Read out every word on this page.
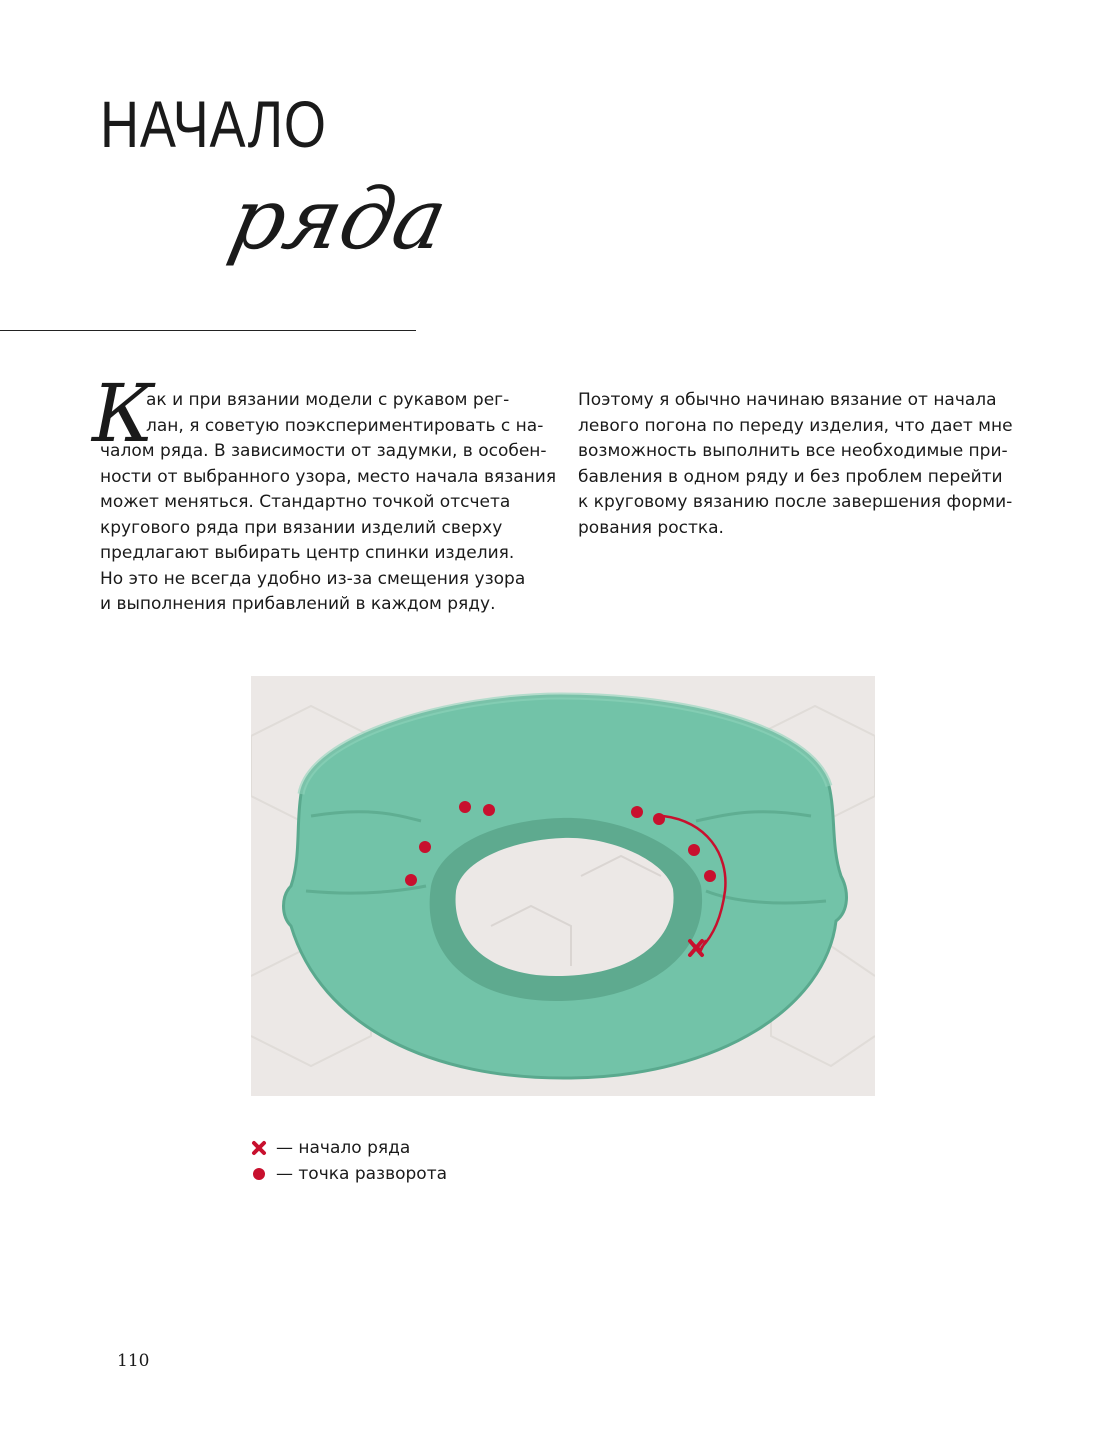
НАЧАЛО
ряда
К
ак и при вязании модели с рукавом рег-
лан, я советую поэкспериментировать с на-
чалом ряда. В зависимости от задумки, в особен-
ности от выбранного узора, место начала вязания
может меняться. Стандартно точкой отсчета
кругового ряда при вязании изделий сверху
предлагают выбирать центр спинки изделия.
Но это не всегда удобно из-за смещения узора
и выполнения прибавлений в каждом ряду.
Поэтому я обычно начинаю вязание от начала
левого погона по переду изделия, что дает мне
возможность выполнить все необходимые при-
бавления в одном ряду и без проблем перейти
к круговому вязанию после завершения форми-
рования ростка.
— начало ряда
— точка разворота
110
